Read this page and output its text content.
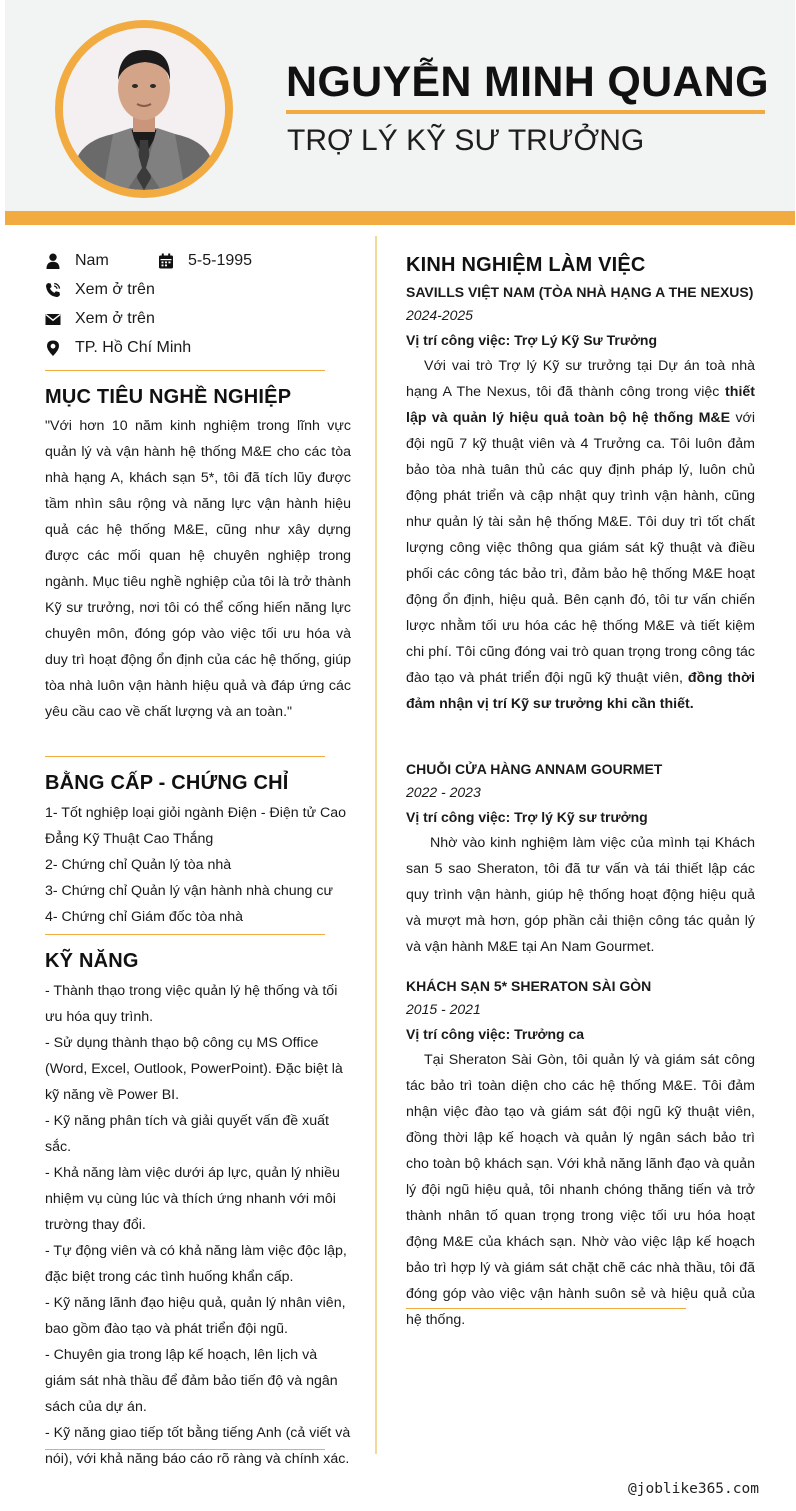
NGUYỄN MINH QUANG
TRỢ LÝ KỸ SƯ TRƯỞNG
Nam	5-5-1995
Xem ở trên
Xem ở trên
TP. Hồ Chí Minh
MỤC TIÊU NGHỀ NGHIỆP
"Với hơn 10 năm kinh nghiệm trong lĩnh vực quản lý và vận hành hệ thống M&E cho các tòa nhà hạng A, khách sạn 5*, tôi đã tích lũy được tầm nhìn sâu rộng và năng lực vận hành hiệu quả các hệ thống M&E, cũng như xây dựng được các mối quan hệ chuyên nghiệp trong ngành. Mục tiêu nghề nghiệp của tôi là trở thành Kỹ sư trưởng, nơi tôi có thể cống hiến năng lực chuyên môn, đóng góp vào việc tối ưu hóa và duy trì hoạt động ổn định của các hệ thống, giúp tòa nhà luôn vận hành hiệu quả và đáp ứng các yêu cầu cao về chất lượng và an toàn."
BẰNG CẤP - CHỨNG CHỈ

1- Tốt nghiệp loại giỏi ngành Điện - Điện tử Cao Đẳng Kỹ Thuật Cao Thắng

2- Chứng chỉ Quản lý tòa nhà

3- Chứng chỉ Quản lý vận hành nhà chung cư

4- Chứng chỉ Giám đốc tòa nhà

KỸ NĂNG

- Thành thạo trong việc quản lý hệ thống và tối ưu hóa quy trình.

- Sử dụng thành thạo bộ công cụ MS Office (Word, Excel, Outlook, PowerPoint). Đặc biệt là kỹ năng về Power BI.

- Kỹ năng phân tích và giải quyết vấn đề xuất sắc.

- Khả năng làm việc dưới áp lực, quản lý nhiều nhiệm vụ cùng lúc và thích ứng nhanh với môi trường thay đổi.

- Tự động viên và có khả năng làm việc độc lập, đặc biệt trong các tình huống khẩn cấp.

- Kỹ năng lãnh đạo hiệu quả, quản lý nhân viên, bao gồm đào tạo và phát triển đội ngũ.

- Chuyên gia trong lập kế hoạch, lên lịch và giám sát nhà thầu để đảm bảo tiến độ và ngân sách của dự án.

- Kỹ năng giao tiếp tốt bằng tiếng Anh (cả viết và nói), với khả năng báo cáo rõ ràng và chính xác.

KINH NGHIỆM LÀM VIỆC
SAVILLS VIỆT NAM (TÒA NHÀ HẠNG A THE NEXUS)
2024-2025
Vị trí công việc: Trợ Lý Kỹ Sư Trưởng
Với vai trò Trợ lý Kỹ sư trưởng tại Dự án toà nhà hạng A The Nexus, tôi đã thành công trong việc thiết lập và quản lý hiệu quả toàn bộ hệ thống M&E với đội ngũ 7 kỹ thuật viên và 4 Trưởng ca. Tôi luôn đảm bảo tòa nhà tuân thủ các quy định pháp lý, luôn chủ động phát triển và cập nhật quy trình vận hành, cũng như quản lý tài sản hệ thống M&E. Tôi duy trì tốt chất lượng công việc thông qua giám sát kỹ thuật và điều phối các công tác bảo trì, đảm bảo hệ thống M&E hoạt động ổn định, hiệu quả. Bên cạnh đó, tôi tư vấn chiến lược nhằm tối ưu hóa các hệ thống M&E và tiết kiệm chi phí. Tôi cũng đóng vai trò quan trọng trong công tác đào tạo và phát triển đội ngũ kỹ thuật viên, đồng thời đảm nhận vị trí Kỹ sư trưởng khi cần thiết.
CHUỖI CỬA HÀNG ANNAM GOURMET
2022 - 2023
Vị trí công việc: Trợ lý Kỹ sư trưởng
Nhờ vào kinh nghiệm làm việc của mình tại Khách san 5 sao Sheraton, tôi đã tư vấn và tái thiết lập các quy trình vận hành, giúp hệ thống hoạt động hiệu quả và mượt mà hơn, góp phần cải thiện công tác quản lý và vận hành M&E tại An Nam Gourmet.
KHÁCH SẠN 5* SHERATON SÀI GÒN
2015 - 2021
Vị trí công việc: Trưởng ca
Tại Sheraton Sài Gòn, tôi quản lý và giám sát công tác bảo trì toàn diện cho các hệ thống M&E. Tôi đảm nhận việc đào tạo và giám sát đội ngũ kỹ thuật viên, đồng thời lập kế hoạch và quản lý ngân sách bảo trì cho toàn bộ khách sạn. Với khả năng lãnh đạo và quản lý đội ngũ hiệu quả, tôi nhanh chóng thăng tiến và trở thành nhân tố quan trọng trong việc tối ưu hóa hoạt động M&E của khách sạn. Nhờ vào việc lập kế hoạch bảo trì hợp lý và giám sát chặt chẽ các nhà thầu, tôi đã đóng góp vào việc vận hành suôn sẻ và hiệu quả của hệ thống.
@joblike365.com
